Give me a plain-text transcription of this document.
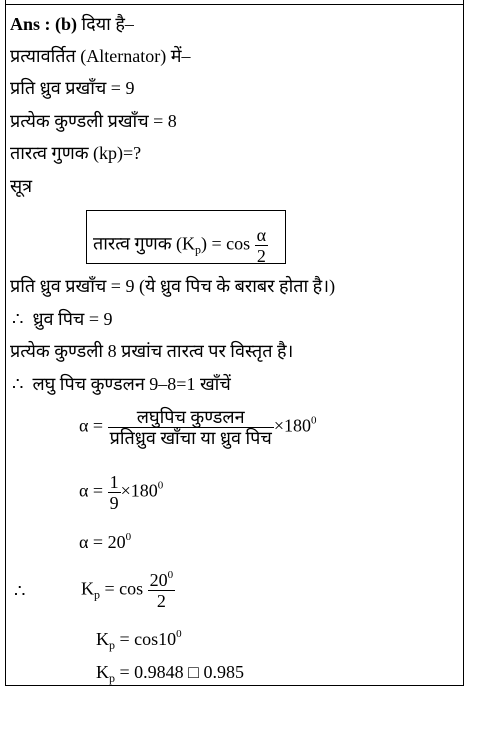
Ans : (b) दिया है–
प्रत्यावर्तित (Alternator) में–
प्रति ध्रुव प्रखाँच = 9
प्रत्येक कुण्डली प्रखाँच = 8
तारत्व गुणक (kp)=?
सूत्र
तारत्व गुणक $(K_p) = \cos \frac{\alpha}{2}$
प्रति ध्रुव प्रखाँच = 9 (ये ध्रुव पिच के बराबर होता है।)
∴ ध्रुव पिच = 9
प्रत्येक कुण्डली 8 प्रखांच तारत्व पर विस्तृत है।
∴ लघु पिच कुण्डलन 9–8=1 खाँचें
$\alpha = \frac{\text{लघुपिच कुण्डलन}}{\text{प्रतिध्रुव खाँचा या ध्रुव पिच}} \times 180^0$
$\alpha = \frac{1}{9} \times 180^0$
$\alpha = 20^0$
∴	$K_p = \cos \frac{20^0}{2}$
$K_p = \cos 10^0$
$K_p = 0.9848$ □ 0.985
